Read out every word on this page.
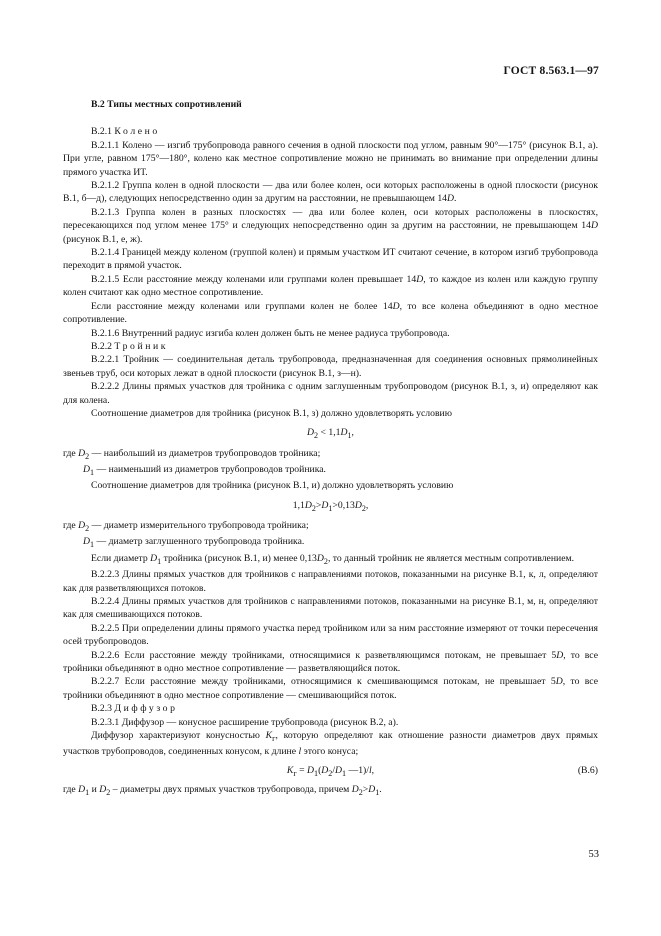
ГОСТ 8.563.1—97

В.2 Типы местных сопротивлений

В.2.1 Колено

В.2.1.1 Колено — изгиб трубопровода равного сечения в одной плоскости под углом, равным 90°—175° (рисунок В.1, а). При угле, равном 175°—180°, колено как местное сопротивление можно не принимать во внимание при определении длины прямого участка ИТ.

В.2.1.2 Группа колен в одной плоскости — два или более колен, оси которых расположены в одной плоскости (рисунок В.1, б—д), следующих непосредственно один за другим на расстоянии, не превышающем 14D.

В.2.1.3 Группа колен в разных плоскостях — два или более колен, оси которых расположены в плоскостях, пересекающихся под углом менее 175° и следующих непосредственно один за другим на расстоянии, не превышающем 14D (рисунок В.1, е, ж).

В.2.1.4 Границей между коленом (группой колен) и прямым участком ИТ считают сечение, в котором изгиб трубопровода переходит в прямой участок.

В.2.1.5 Если расстояние между коленами или группами колен превышает 14D, то каждое из колен или каждую группу колен считают как одно местное сопротивление.

Если расстояние между коленами или группами колен не более 14D, то все колена объединяют в одно местное сопротивление.

В.2.1.6 Внутренний радиус изгиба колен должен быть не менее радиуса трубопровода.

В.2.2 Тройник

В.2.2.1 Тройник — соединительная деталь трубопровода, предназначенная для соединения основных прямолинейных звеньев труб, оси которых лежат в одной плоскости (рисунок В.1, з—н).

В.2.2.2 Длины прямых участков для тройника с одним заглушенным трубопроводом (рисунок В.1, з, и) определяют как для колена.

Соотношение диаметров для тройника (рисунок В.1, з) должно удовлетворять условию

$D_2 < 1,1D_1$,

где $D_2$ — наибольший из диаметров трубопроводов тройника;

$D_1$ — наименьший из диаметров трубопроводов тройника.

Соотношение диаметров для тройника (рисунок В.1, и) должно удовлетворять условию

$1,1D_2>D_1>0,13D_2$,

где $D_2$ — диаметр измерительного трубопровода тройника;

$D_1$ — диаметр заглушенного трубопровода тройника.

Если диаметр $D_1$ тройника (рисунок В.1, и) менее $0,13D_2$, то данный тройник не является местным сопротивлением.

В.2.2.3 Длины прямых участков для тройников с направлениями потоков, показанными на рисунке В.1, к, л, определяют как для разветвляющихся потоков.

В.2.2.4 Длины прямых участков для тройников с направлениями потоков, показанными на рисунке В.1, м, н, определяют как для смешивающихся потоков.

В.2.2.5 При определении длины прямого участка перед тройником или за ним расстояние измеряют от точки пересечения осей трубопроводов.

В.2.2.6 Если расстояние между тройниками, относящимися к разветвляющимся потокам, не превышает 5D, то все тройники объединяют в одно местное сопротивление — разветвляющийся поток.

В.2.2.7 Если расстояние между тройниками, относящимися к смешивающимся потокам, не превышает 5D, то все тройники объединяют в одно местное сопротивление — смешивающийся поток.

В.2.3 Диффузор

В.2.3.1 Диффузор — конусное расширение трубопровода (рисунок В.2, а).

Диффузор характеризуют конусностью $K_г$, которую определяют как отношение разности диаметров двух прямых участков трубопроводов, соединенных конусом, к длине l этого конуса;

$K_г = D_1(D_2/D_1$ —1)/l,	(В.6)

где $D_1$ и $D_2$ – диаметры двух прямых участков трубопровода, причем $D_2>D_1$.

53
